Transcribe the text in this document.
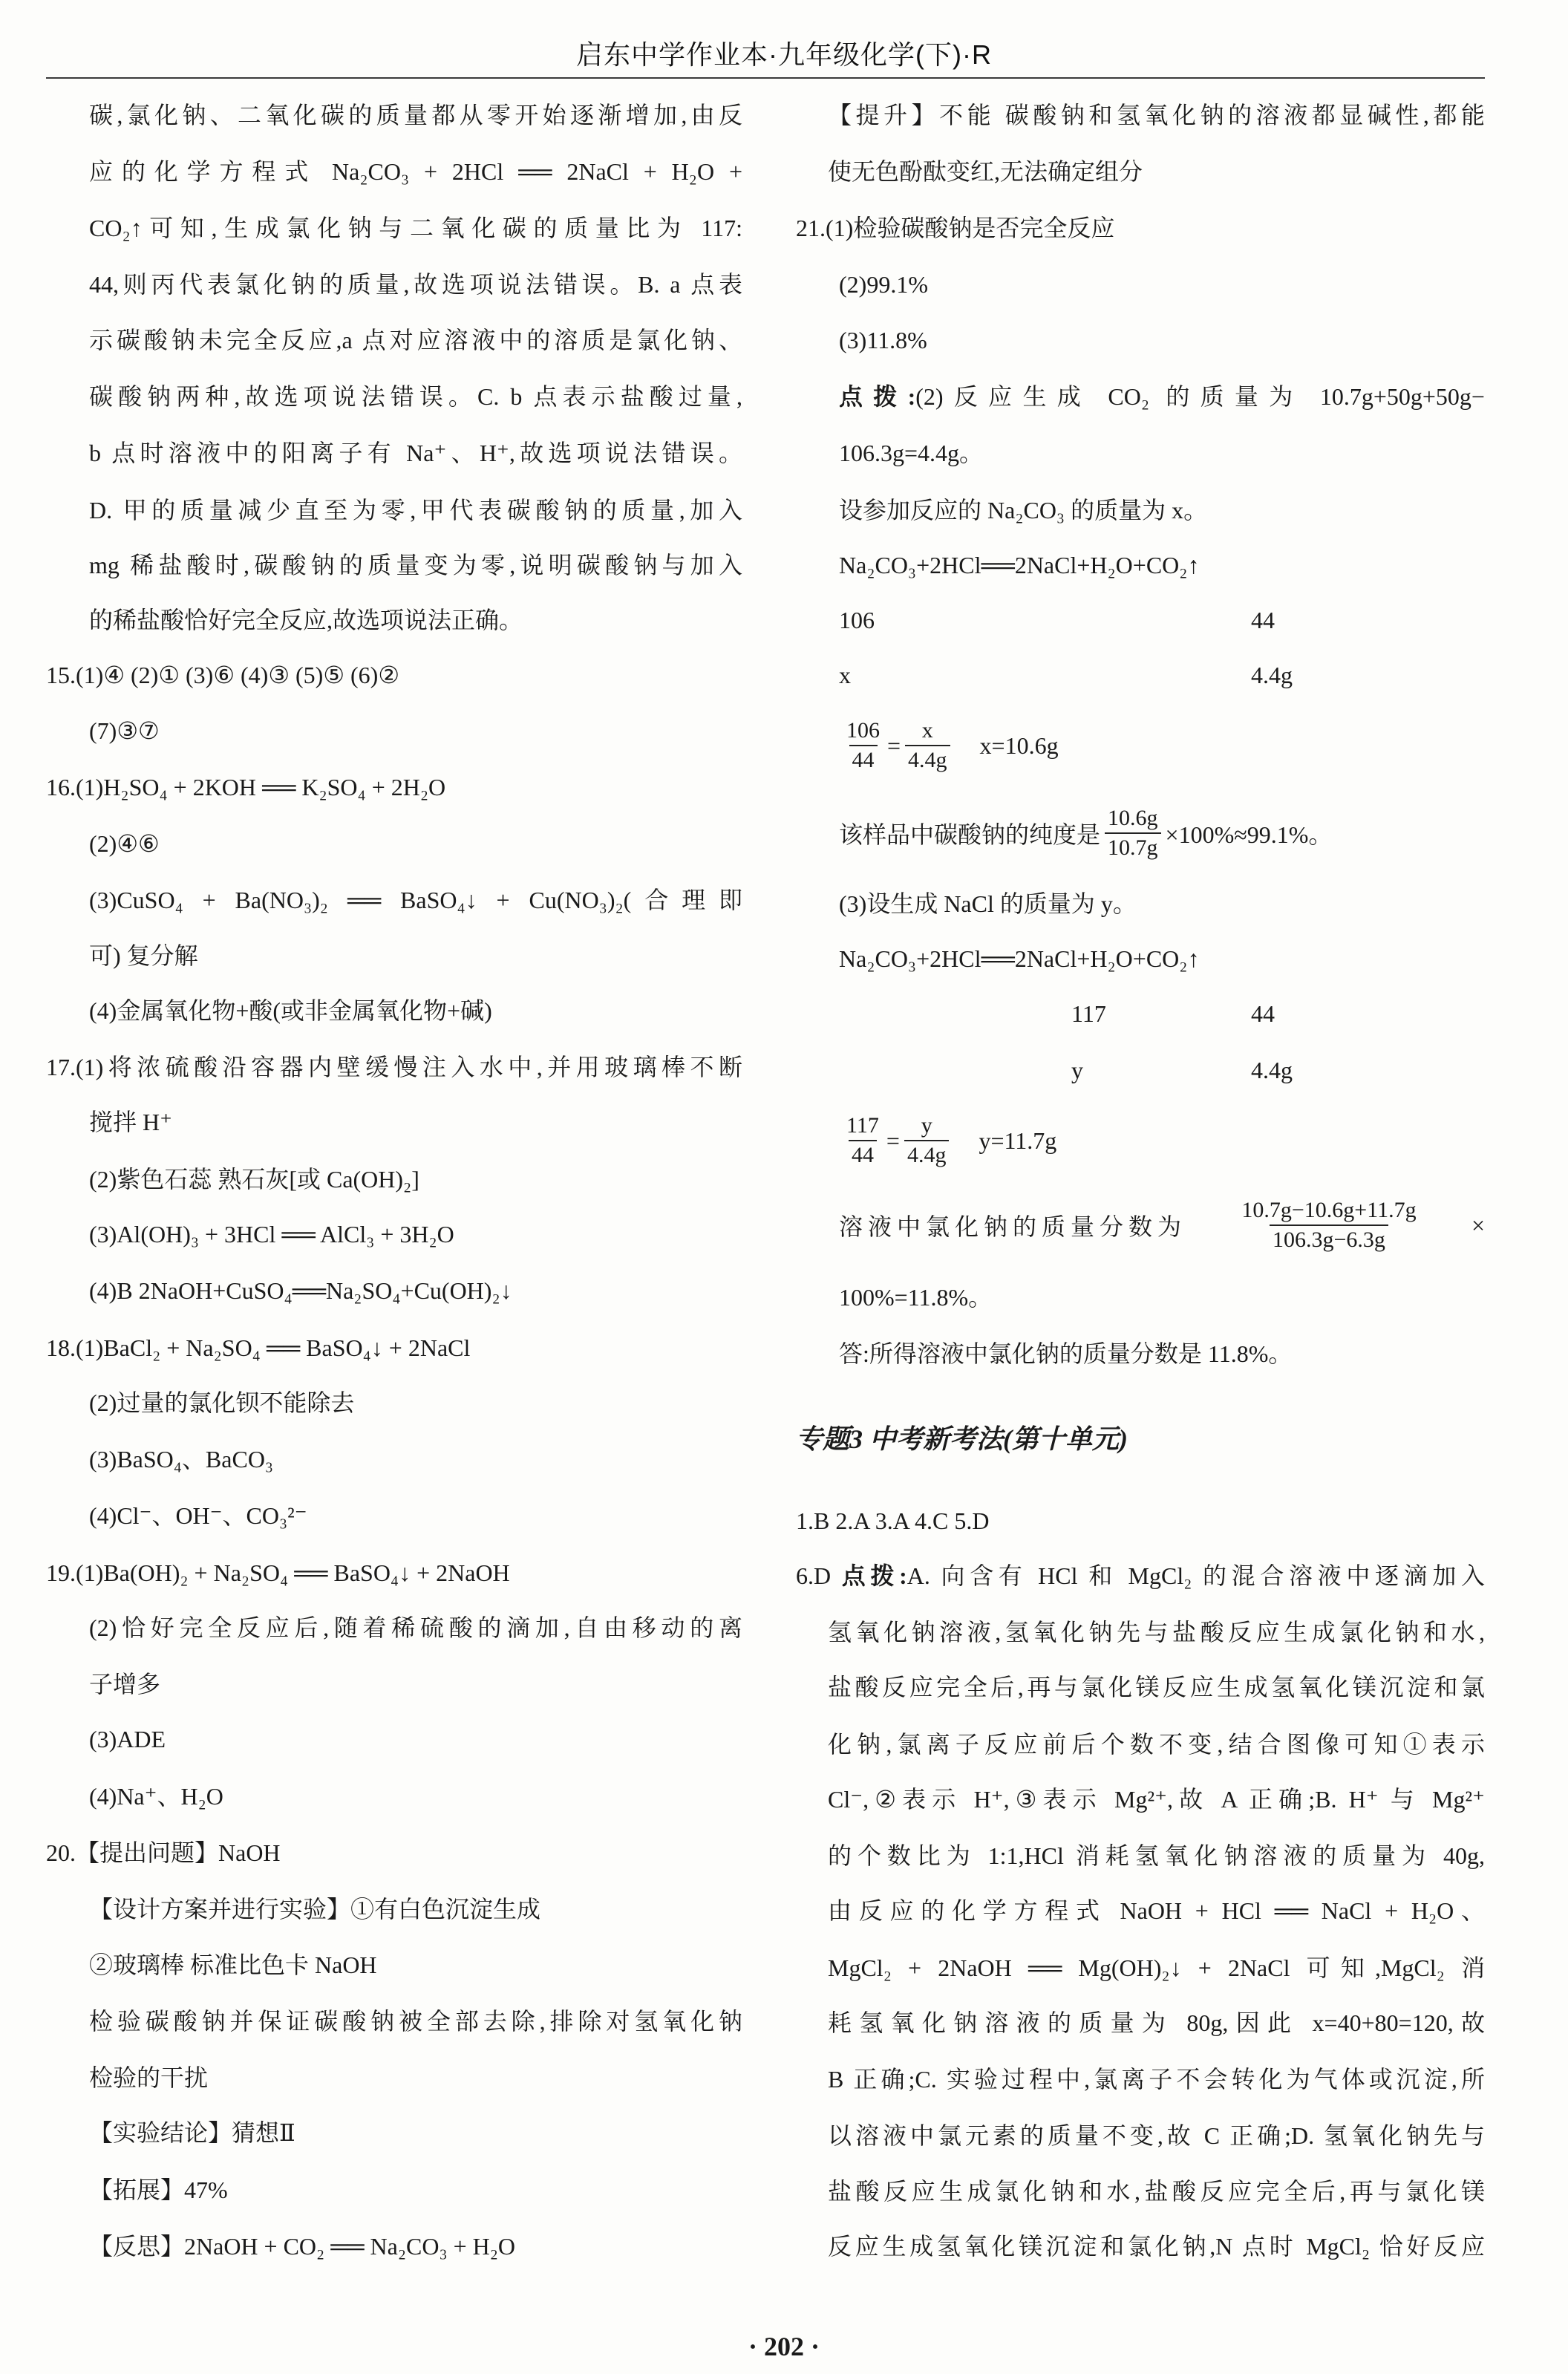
启东中学作业本·九年级化学(下)·R
碳,氯化钠、二氧化碳的质量都从零开始逐渐增加,由反
应的化学方程式 Na₂CO₃ + 2HCl ══ 2NaCl + H₂O +
CO₂↑可知,生成氯化钠与二氧化碳的质量比为 117:
44,则丙代表氯化钠的质量,故选项说法错误。B. a 点表
示碳酸钠未完全反应,a 点对应溶液中的溶质是氯化钠、
碳酸钠两种,故选项说法错误。C. b 点表示盐酸过量,
b 点时溶液中的阳离子有 Na⁺、H⁺,故选项说法错误。
D. 甲的质量减少直至为零,甲代表碳酸钠的质量,加入
mg 稀盐酸时,碳酸钠的质量变为零,说明碳酸钠与加入
的稀盐酸恰好完全反应,故选项说法正确。
15.(1)④ (2)① (3)⑥ (4)③ (5)⑤ (6)②
(7)③⑦
16.(1)H₂SO₄ + 2KOH ══ K₂SO₄ + 2H₂O
(2)④⑥
(3)CuSO₄ + Ba(NO₃)₂ ══ BaSO₄↓ + Cu(NO₃)₂(合理即
可) 复分解
(4)金属氧化物+酸(或非金属氧化物+碱)
17.(1)将浓硫酸沿容器内壁缓慢注入水中,并用玻璃棒不断
搅拌 H⁺
(2)紫色石蕊 熟石灰[或 Ca(OH)₂]
(3)Al(OH)₃ + 3HCl ══ AlCl₃ + 3H₂O
(4)B 2NaOH+CuSO₄══Na₂SO₄+Cu(OH)₂↓
18.(1)BaCl₂ + Na₂SO₄ ══ BaSO₄↓ + 2NaCl
(2)过量的氯化钡不能除去
(3)BaSO₄、BaCO₃
(4)Cl⁻、OH⁻、CO₃²⁻
19.(1)Ba(OH)₂ + Na₂SO₄ ══ BaSO₄↓ + 2NaOH
(2)恰好完全反应后,随着稀硫酸的滴加,自由移动的离
子增多
(3)ADE
(4)Na⁺、H₂O
20.【提出问题】NaOH
【设计方案并进行实验】①有白色沉淀生成
②玻璃棒 标准比色卡 NaOH
检验碳酸钠并保证碳酸钠被全部去除,排除对氢氧化钠
检验的干扰
【实验结论】猜想Ⅱ
【拓展】47%
【反思】2NaOH + CO₂ ══ Na₂CO₃ + H₂O
【提升】不能 碳酸钠和氢氧化钠的溶液都显碱性,都能
使无色酚酞变红,无法确定组分
21.(1)检验碳酸钠是否完全反应
(2)99.1%
(3)11.8%
点拨:(2)反应生成 CO₂ 的质量为 10.7g+50g+50g−
106.3g=4.4g。
设参加反应的 Na₂CO₃ 的质量为 x。
Na₂CO₃+2HCl══2NaCl+H₂O+CO₂↑
106	44
x	4.4g
$\frac{106}{44} = \frac{x}{4.4g} x=10.6g$
该样品中碳酸钠的纯度是 $\frac{10.6g}{10.7g} \times 100\%\approx 99.1\%$。
(3)设生成 NaCl 的质量为 y。
Na₂CO₃+2HCl══2NaCl+H₂O+CO₂↑
117	44
y	4.4g
$\frac{117}{44} = \frac{y}{4.4g} y=11.7g$
溶液中氯化钠的质量分数为 $\frac{10.7g-10.6g+11.7g}{106.3g-6.3g}$ ×
100%=11.8%。
答:所得溶液中氯化钠的质量分数是 11.8%。
专题3 中考新考法(第十单元)
1.B 2.A 3.A 4.C 5.D
6.D 点拨:A. 向含有 HCl 和 MgCl₂ 的混合溶液中逐滴加入
氢氧化钠溶液,氢氧化钠先与盐酸反应生成氯化钠和水,
盐酸反应完全后,再与氯化镁反应生成氢氧化镁沉淀和氯
化钠,氯离子反应前后个数不变,结合图像可知①表示
Cl⁻,②表示 H⁺,③表示 Mg²⁺,故 A 正确;B. H⁺ 与 Mg²⁺
的个数比为 1:1,HCl 消耗氢氧化钠溶液的质量为 40g,
由反应的化学方程式 NaOH + HCl ══ NaCl + H₂O、
MgCl₂ + 2NaOH ══ Mg(OH)₂↓ + 2NaCl 可知,MgCl₂ 消
耗氢氧化钠溶液的质量为 80g,因此 x=40+80=120,故
B 正确;C. 实验过程中,氯离子不会转化为气体或沉淀,所
以溶液中氯元素的质量不变,故 C 正确;D. 氢氧化钠先与
盐酸反应生成氯化钠和水,盐酸反应完全后,再与氯化镁
反应生成氢氧化镁沉淀和氯化钠,N 点时 MgCl₂ 恰好反应
· 202 ·
